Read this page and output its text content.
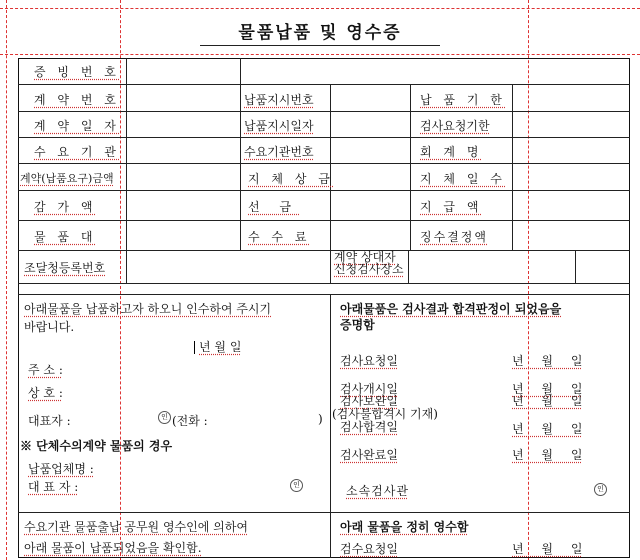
물품납품 및 영수증
증 빙 번 호
계 약 번 호	납품지시번호	납 품 기 한
계 약 일 자	납품지시일자	검사요청기한
수 요 기 관	수요기관번호	회 계 명
계약(납품요구)금액	지 체 상 금	지 체 일 수
감 가 액	선 금	지 급 액
물 품 대	수 수 료	징수결정액
조달청등록번호
계약 상대자
신청검사장소
아래물품을 납품하고자 하오니 인수하여 주시기
바랍니다.
년 월 일
주 소 :
상 호 :
대표자 :	인 (전화 :	)
※ 단체수의계약 물품의 경우
납품업체명 :
대 표 자 :	인
수요기관 물품출납 공무원 영수인에 의하여
아래 물품이 납품되었음을 확인함.
아래물품은 검사결과 합격판정이 되었음을
증명함
검사요청일	년 월 일
검사개시일	년 월 일
검사보완일	년 월 일
(검사불합격시 기재)
검사합격일	년 월 일
검사완료일	년 월 일
소속검사관	인
아래 물품을 정히 영수함
검수요청일	년 월 일
